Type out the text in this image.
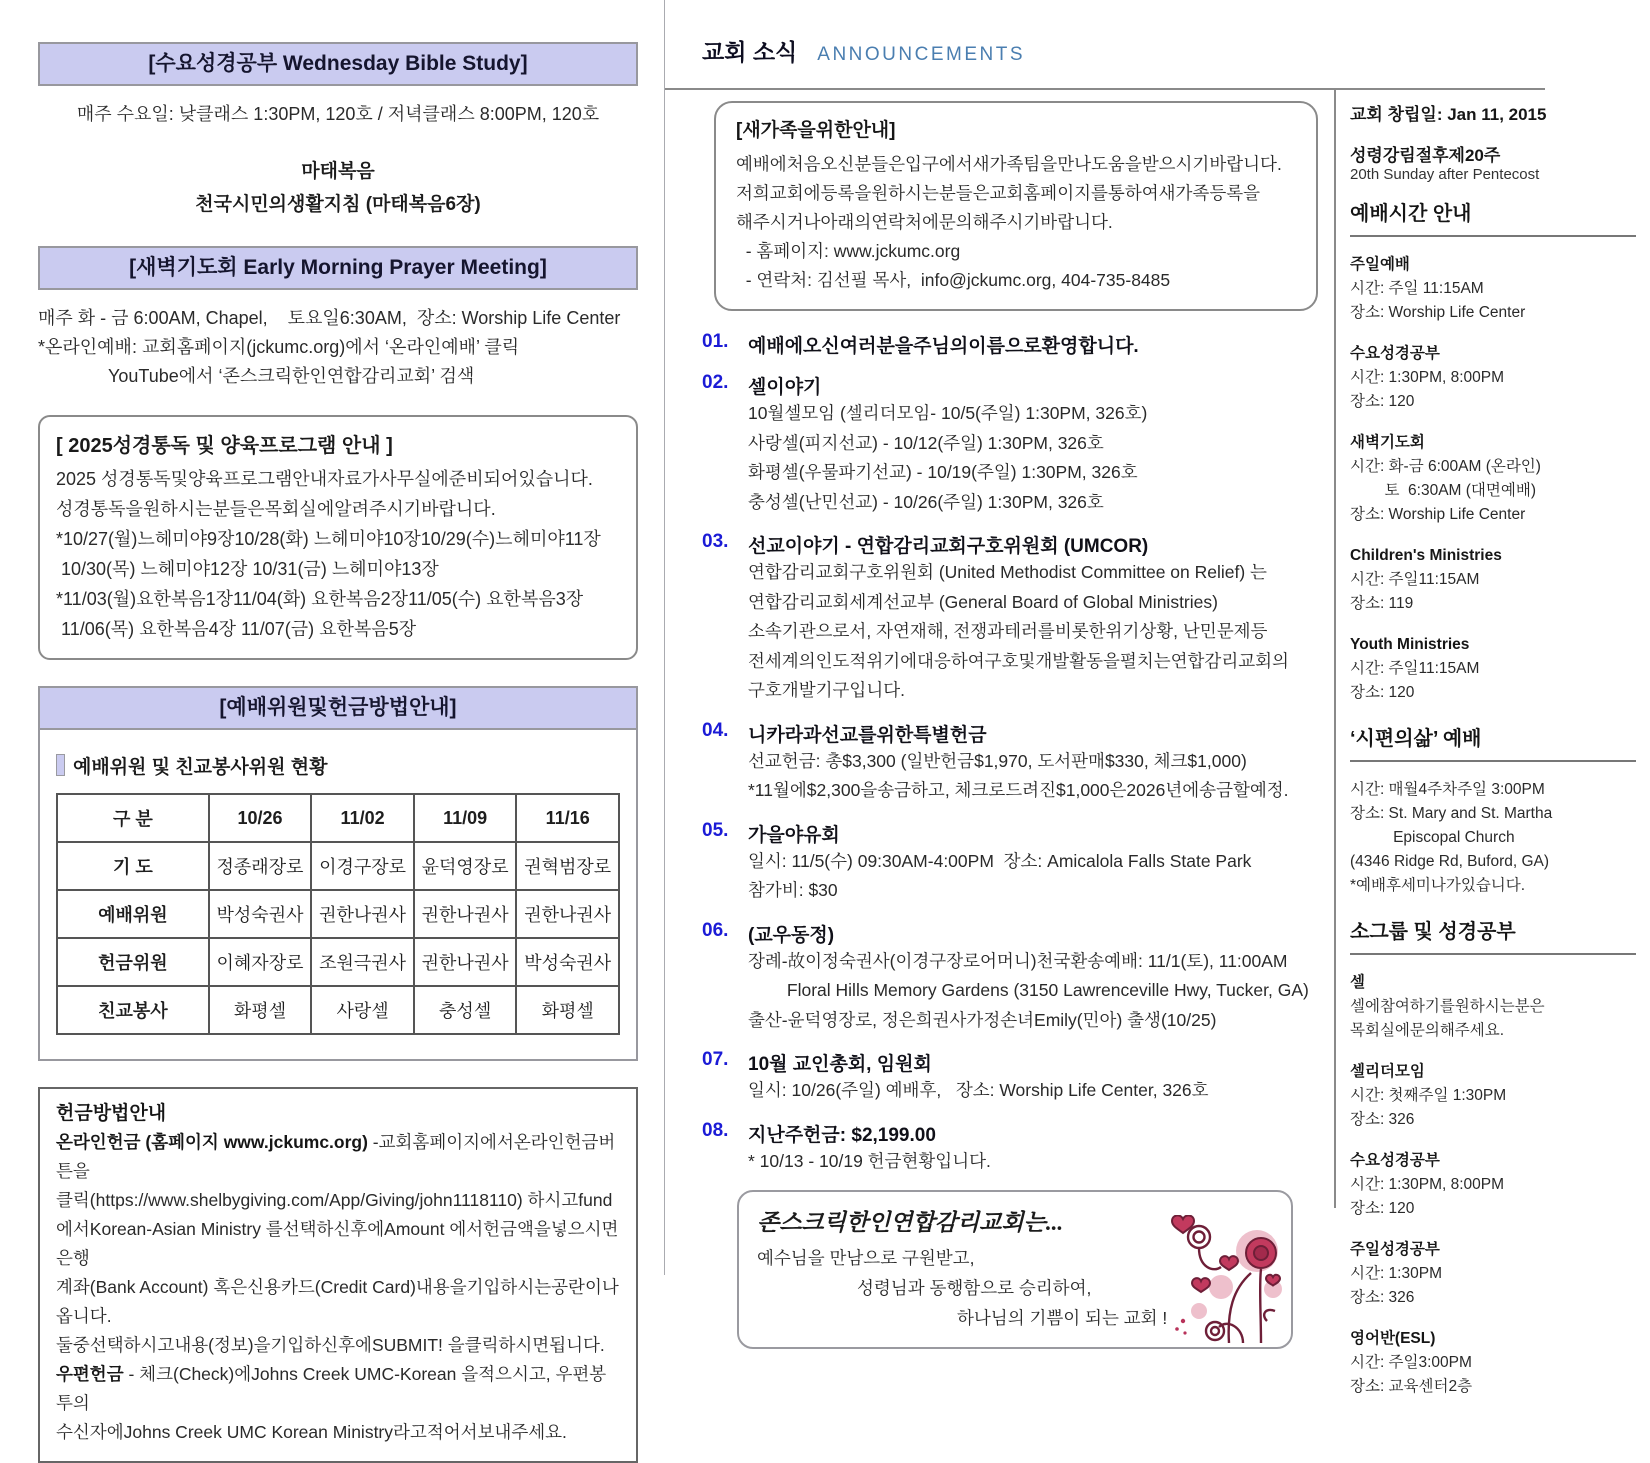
[수요성경공부 Wednesday Bible Study]
매주 수요일: 낮클래스 1:30PM, 120호 / 저녁클래스 8:00PM, 120호
마태복음
천국시민의생활지침 (마태복음6장)
[새벽기도회 Early Morning Prayer Meeting]
매주 화 - 금 6:00AM, Chapel,    토요일6:30AM,  장소: Worship Life Center
*온라인예배: 교회홈페이지(jckumc.org)에서 ‘온라인예배’ 클릭
YouTube에서 ‘존스크릭한인연합감리교회’ 검색
[ 2025성경통독 및 양육프로그램 안내 ]
2025 성경통독및양육프로그램안내자료가사무실에준비되어있습니다.
성경통독을원하시는분들은목회실에알려주시기바랍니다.
*10/27(월)느헤미야9장10/28(화) 느헤미야10장10/29(수)느헤미야11장
10/30(목) 느헤미야12장 10/31(금) 느헤미야13장
*11/03(월)요한복음1장11/04(화) 요한복음2장11/05(수) 요한복음3장
11/06(목) 요한복음4장 11/07(금) 요한복음5장
[예배위원및헌금방법안내]
예배위원 및 친교봉사위원 현황
구 분	10/26	11/02	11/09	11/16
기 도	정종래장로	이경구장로	윤덕영장로	권혁범장로
예배위원	박성숙권사	권한나권사	권한나권사	권한나권사
헌금위원	이혜자장로	조원극권사	권한나권사	박성숙권사
친교봉사	화평셀	사랑셀	충성셀	화평셀
헌금방법안내
온라인헌금 (홈페이지 www.jckumc.org) -교회홈페이지에서온라인헌금버튼을
클릭(https://www.shelbygiving.com/App/Giving/john1118110) 하시고fund
에서Korean-Asian Ministry 를선택하신후에Amount 에서헌금액을넣으시면은행
계좌(Bank Account) 혹은신용카드(Credit Card)내용을기입하시는공란이나옵니다.
둘중선택하시고내용(정보)을기입하신후에SUBMIT! 을클릭하시면됩니다.
우편헌금 - 체크(Check)에Johns Creek UMC-Korean 을적으시고, 우편봉투의
수신자에Johns Creek UMC Korean Ministry라고적어서보내주세요.
교회 소식 ANNOUNCEMENTS
[새가족을위한안내]
예배에처음오신분들은입구에서새가족팀을만나도움을받으시기바랍니다.
저희교회에등록을원하시는분들은교회홈페이지를통하여새가족등록을
해주시거나아래의연락처에문의해주시기바랍니다.
- 홈페이지: www.jckumc.org
- 연락처: 김선필 목사,  info@jckumc.org, 404-735-8485
01.	예배에오신여러분을주님의이름으로환영합니다.
02.	셀이야기
10월셀모임 (셀리더모임- 10/5(주일) 1:30PM, 326호)
사랑셀(피지선교) - 10/12(주일) 1:30PM, 326호
화평셀(우물파기선교) - 10/19(주일) 1:30PM, 326호
충성셀(난민선교) - 10/26(주일) 1:30PM, 326호
03.	선교이야기 - 연합감리교회구호위원회 (UMCOR)
연합감리교회구호위원회 (United Methodist Committee on Relief) 는
연합감리교회세계선교부 (General Board of Global Ministries)
소속기관으로서, 자연재해, 전쟁과테러를비롯한위기상황, 난민문제등
전세계의인도적위기에대응하여구호및개발활동을펼치는연합감리교회의
구호개발기구입니다.
04.	니카라과선교를위한특별헌금
선교헌금: 총$3,300 (일반헌금$1,970, 도서판매$330, 체크$1,000)
*11월에$2,300을송금하고, 체크로드려진$1,000은2026년에송금할예정.
05.	가을야유회
일시: 11/5(수) 09:30AM-4:00PM  장소: Amicalola Falls State Park
참가비: $30
06.	(교우동정)
장례-故이정숙권사(이경구장로어머니)천국환송예배: 11/1(토), 11:00AM
Floral Hills Memory Gardens (3150 Lawrenceville Hwy, Tucker, GA)
출산-윤덕영장로, 정은희권사가정손녀Emily(민아) 출생(10/25)
07.	10월 교인총회, 임원회
일시: 10/26(주일) 예배후,   장소: Worship Life Center, 326호
08.	지난주헌금: $2,199.00
* 10/13 - 10/19 헌금현황입니다.
존스크릭한인연합감리교회는...
예수님을 만남으로 구원받고,
성령님과 동행함으로 승리하여,
하나님의 기쁨이 되는 교회 !
교회 창립일: Jan 11, 2015
성령강림절후제20주
20th Sunday after Pentecost
예배시간 안내
주일예배
시간: 주일 11:15AM
장소: Worship Life Center
수요성경공부
시간: 1:30PM, 8:00PM
장소: 120
새벽기도회
시간: 화-금 6:00AM (온라인)
토  6:30AM (대면예배)
장소: Worship Life Center
Children's Ministries
시간: 주일11:15AM
장소: 119
Youth Ministries
시간: 주일11:15AM
장소: 120
‘시편의삶’ 예배
시간: 매월4주차주일 3:00PM
장소: St. Mary and St. Martha
Episcopal Church
(4346 Ridge Rd, Buford, GA)
*예배후세미나가있습니다.
소그룹 및 성경공부
셀
셀에참여하기를원하시는분은
목회실에문의해주세요.
셀리더모임
시간: 첫째주일 1:30PM
장소: 326
수요성경공부
시간: 1:30PM, 8:00PM
장소: 120
주일성경공부
시간: 1:30PM
장소: 326
영어반(ESL)
시간: 주일3:00PM
장소: 교육센터2층
